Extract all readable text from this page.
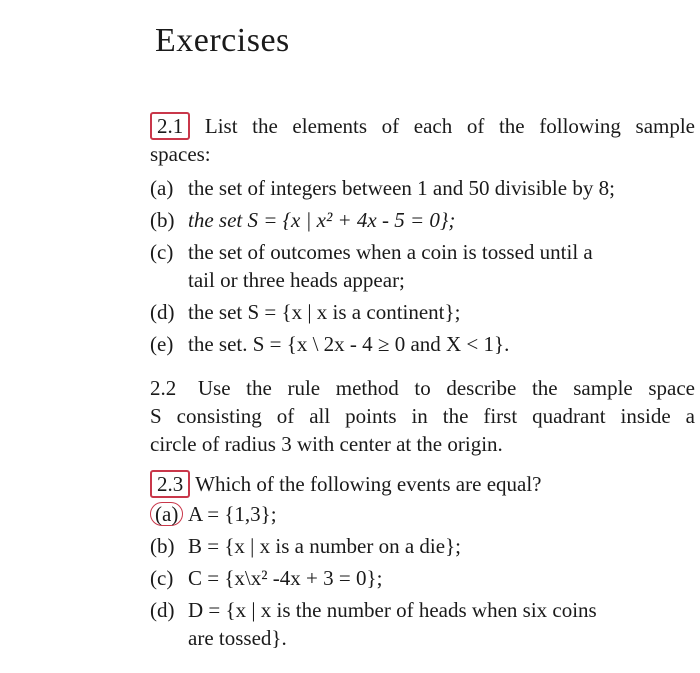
Exercises
2.1 List the elements of each of the following sample
spaces:
(a) the set of integers between 1 and 50 divisible by 8;
(b) the set S = {x | x² + 4x - 5 = 0};
(c) the set of outcomes when a coin is tossed until a
tail or three heads appear;
(d) the set S = {x | x is a continent};
(e) the set. S = {x \ 2x - 4 ≥ 0 and X < 1}.
2.2 Use the rule method to describe the sample space
S consisting of all points in the first quadrant inside a
circle of radius 3 with center at the origin.
2.3 Which of the following events are equal?
(a) A = {1,3};
(b) B = {x | x is a number on a die};
(c) C = {x\x² -4x + 3 = 0};
(d) D = {x | x is the number of heads when six coins
are tossed}.
